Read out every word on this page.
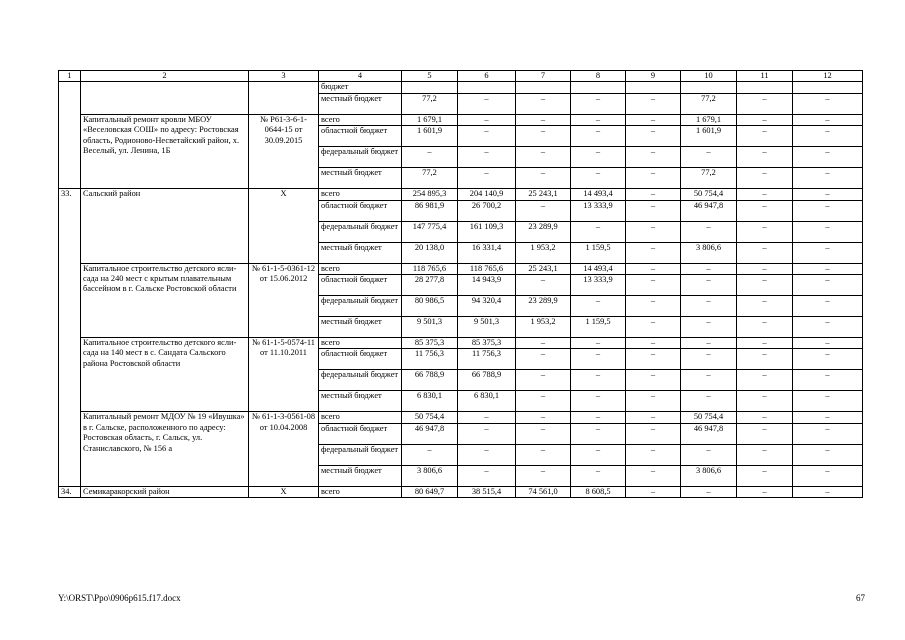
1	2	3	4	5	6	7	8	9	10	11	12
			бюджет								
			местный бюджет	77,2	–	–	–	–	77,2	–	–
	Капитальный ремонт кровли МБОУ «Веселовская СОШ» по адресу: Ростовская область, Родионово-Несветайский район, х. Веселый, ул. Ленина, 1Б	№ Р61-3-6-1-0644-15 от 30.09.2015	всего	1 679,1	–	–	–	–	1 679,1	–	–
			областной бюджет	1 601,9	–	–	–	–	1 601,9	–	–
			федеральный бюджет	–	–	–	–	–	–	–	–
			местный бюджет	77,2	–	–	–	–	77,2	–	–
33.	Сальский район	Х	всего	254 895,3	204 140,9	25 243,1	14 493,4	–	50 754,4	–	–
			областной бюджет	86 981,9	26 700,2	–	13 333,9	–	46 947,8	–	–
			федеральный бюджет	147 775,4	161 109,3	23 289,9	–	–	–	–	–
			местный бюджет	20 138,0	16 331,4	1 953,2	1 159,5	–	3 806,6	–	–
	Капитальное строительство детского ясли-сада на 240 мест с крытым плавательным бассейном в г. Сальске Ростовской области	№ 61-1-5-0361-12 от 15.06.2012	всего	118 765,6	118 765,6	25 243,1	14 493,4	–	–	–	–
			областной бюджет	28 277,8	14 943,9	–	13 333,9	–	–	–	–
			федеральный бюджет	80 986,5	94 320,4	23 289,9	–	–	–	–	–
			местный бюджет	9 501,3	9 501,3	1 953,2	1 159,5	–	–	–	–
	Капитальное строительство детского ясли-сада на 140 мест в с. Сандата Сальского района Ростовской области	№ 61-1-5-0574-11 от 11.10.2011	всего	85 375,3	85 375,3	–	–	–	–	–	–
			областной бюджет	11 756,3	11 756,3	–	–	–	–	–	–
			федеральный бюджет	66 788,9	66 788,9	–	–	–	–	–	–
			местный бюджет	6 830,1	6 830,1	–	–	–	–	–	–
	Капитальный ремонт МДОУ № 19 «Ивушка» в г. Сальске, расположенного по адресу: Ростовская область, г. Сальск, ул. Станиславского, № 156 а	№ 61-1-3-0561-08 от 10.04.2008	всего	50 754,4	–	–	–	–	50 754,4	–	–
			областной бюджет	46 947,8	–	–	–	–	46 947,8	–	–
			федеральный бюджет	–	–	–	–	–	–	–	–
			местный бюджет	3 806,6	–	–	–	–	3 806,6	–	–
34.	Семикаракорский район	Х	всего	80 649,7	38 515,4	74 561,0	8 608,5	–	–	–	–
Y:\ORST\Ppo\0906p615.f17.docx	67
